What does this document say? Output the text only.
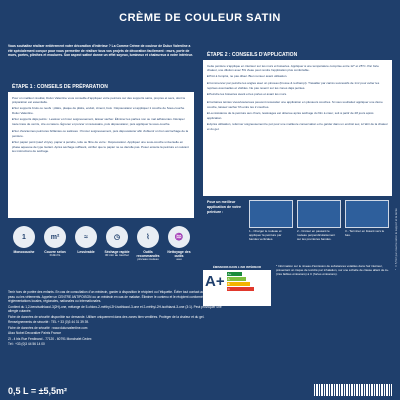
CRÈME DE COULEUR SATIN
Vous souhaitez réaliser entièrement votre décoration d'intérieur ? La Comme Crème de couleur de Dulux Valentine a été spécialement conçue pour vous permettre de réaliser tous vos projets de décoration facilement : murs, porte de murs, portes, plinthes et moulures. Son aspect satiné donne un effet soyeux, lumineux et chaleureux à votre intérieur.
ÉTAPE 1 : CONSEILS DE PRÉPARATION

Pour un meilleur résultat, Dulux Valentine vous conseille d'appliquer votre peinture sur des supports sains, propres et secs, dont la préparation est essentielle.

■ Sur supports bruts ou neufs : plâtre, plaque de plâtre, enduit, ciment, bois : Dépoussiérer et appliquer 1 couche de Sous-couche Dulux Valentine.

■ Sur supports déjà peints : Lessiver et rincer soigneusement, laisser sécher. Éliminer les parties non ou mal adhérentes. Décaper toute trace de vernis, cire ou lasure. Égrener et poncer si nécessaire, puis dépoussiérer, puis appliquer la sous-couche.

■ Sur d'anciennes peintures brillantes ou satinées : Poncer soigneusement, puis dépoussiérer afin d'obtenir un bon accrochage de la peinture.

■ Sur papier peint (sauf vinyle), papier à peindre, toile ou fibre de verre : Dépoussiérer. Appliquer une sous-couche universelle en phase aqueuse de type Isolant. Après séchage suffisant, vérifier que le papier ne se décolle pas. Poser ensuite la peinture en suivant les instructions de séchage.

ÉTAPE 2 : CONSEILS D'APPLICATION

Cette peinture s'applique en intérieur sur les murs et boiseries. Appliquer à une température comprise entre 12° et 25°C. Par forte chaleur, une dilution avec 5% d'eau peut rendre l'application plus confortable.

■ Prêt à l'emploi, ne pas diluer. Bien remuer avant utilisation.

■ Commencer par peindre les angles avec un pinceau (brosse & rechampi). Travailler par carrés successifs de 1m² pour éviter les reprises éventuelles et visibles. Ne pas revenir sur les zones déjà peintes.

■ Peindre les boiseries avant et les portes et avant les murs.

■ Certaines teintes vives/soutenues peuvent nécessiter une application en plusieurs couches. Si vous souhaitez appliquer une 2ème couche, laissez sécher 6h entre les 2 couches.

■ La résistance de la peinture aux chocs, lessivages est obtenue après séchage du film à cœur, soit à partir de 28 jours après application.

■ Après utilisation, refermer soigneusement le pot pour une meilleure conservation et le garder dans un endroit sec, à l'abri de la chaleur et du gel.

Pour un meilleur application de votre peinture :
1 - Charger le rouleau et appliquer la peinture par bandes verticales.
2 - Croiser en passant le rouleau perpendiculairement sur les premières bandes.
3 - Terminer en lissant vers le bas.
1
Monocouche
m²
Couvre selon
±10m²/L
≈
Lessivable
◷
Séchage rapide
30 min au toucher
⌇
Outils recommandés
pinceau rouleau
♒
Nettoyage des outils
eau
ÉMISSIONS DANS L'AIR INTÉRIEUR
A+	A+
A
B
C
* Information sur le niveau d'émission de substances volatiles dans l'air intérieur, présentant un risque de toxicité par inhalation, sur une échelle de classe allant de A+ (très faibles émissions) à C (fortes émissions).

Tenir hors de portée des enfants. En cas de consultation d'un médecin, garder à disposition le récipient ou l'étiquette. Éviter tout contact avec les yeux, la peau ou les vêtements. Appeler un CENTRE ANTIPOISON ou un médecin en cas de malaise. Éliminer le contenu et le récipient conformément aux réglementations locales, régionales, nationales ou internationales.

Contient du 1,2-benzisothiazol-3(2H)-one, mélange de 5-chloro-2-méthyl-2H-isothiazol-3-one et 2-méthyl-2H-isothiazol-3-one (3:1). Peut provoquer une allergie cutanée.

Fiche de données de sécurité disponible sur demande. Utiliser uniquement dans des zones bien ventilées. Protéger de la chaleur et du gel.

Renseignements de sécurité : TEL + 33 (0)3 44 31 39 39.

Fiche de données de sécurité : www.duluxvalentine.com

Akzo Nobel Decorative Paints France

ZI - 4 bis Rue Ferdinand - 77120 - 60791 Monchalet Cedex

Tél : +33 (0)3 44 56 14 00

* ±5,5m² par couche selon le support et la teinte
0,5 L = ±5,5m²
